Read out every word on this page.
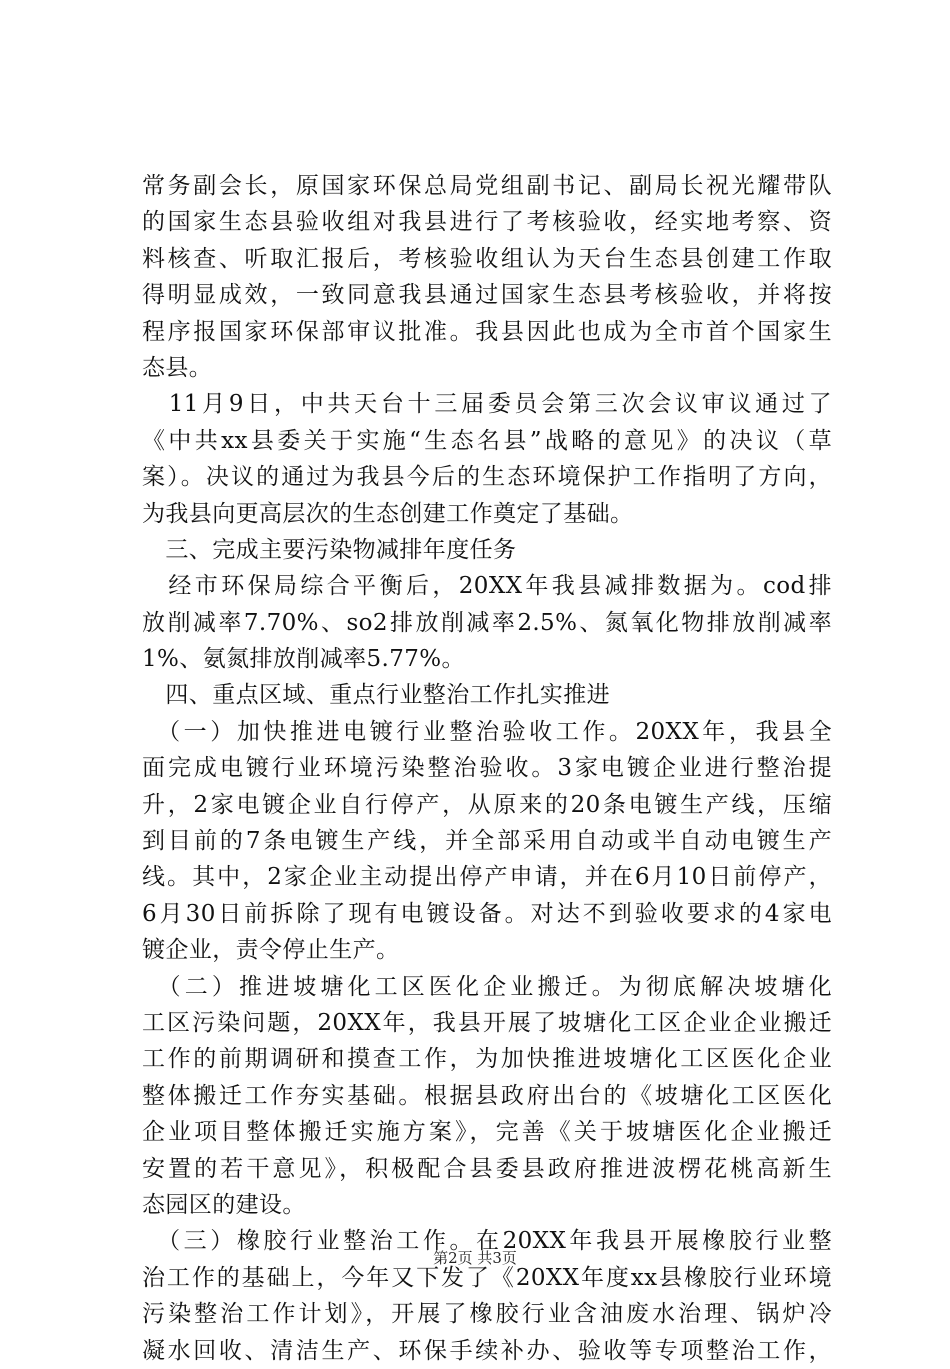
常务副会长，原国家环保总局党组副书记、副局长祝光耀带队
的国家生态县验收组对我县进行了考核验收，经实地考察、资
料核查、听取汇报后，考核验收组认为天台生态县创建工作取
得明显成效，一致同意我县通过国家生态县考核验收，并将按
程序报国家环保部审议批准。我县因此也成为全市首个国家生
态县。
　11月9日，中共天台十三届委员会第三次会议审议通过了
《中共xx县委关于实施“生态名县”战略的意见》的决议（草
案）。决议的通过为我县今后的生态环境保护工作指明了方向，
为我县向更高层次的生态创建工作奠定了基础。
　三、完成主要污染物减排年度任务
　经市环保局综合平衡后，20XX年我县减排数据为。cod排
放削减率7.70%、so2排放削减率2.5%、氮氧化物排放削减率
1%、氨氮排放削减率5.77%。
　四、重点区域、重点行业整治工作扎实推进
　（一）加快推进电镀行业整治验收工作。20XX年，我县全
面完成电镀行业环境污染整治验收。3家电镀企业进行整治提
升，2家电镀企业自行停产，从原来的20条电镀生产线，压缩
到目前的7条电镀生产线，并全部采用自动或半自动电镀生产
线。其中，2家企业主动提出停产申请，并在6月10日前停产，
6月30日前拆除了现有电镀设备。对达不到验收要求的4家电
镀企业，责令停止生产。
　（二）推进坡塘化工区医化企业搬迁。为彻底解决坡塘化
工区污染问题，20XX年，我县开展了坡塘化工区企业企业搬迁
工作的前期调研和摸查工作，为加快推进坡塘化工区医化企业
整体搬迁工作夯实基础。根据县政府出台的《坡塘化工区医化
企业项目整体搬迁实施方案》，完善《关于坡塘医化企业搬迁
安置的若干意见》，积极配合县委县政府推进波楞花桃高新生
态园区的建设。
　（三）橡胶行业整治工作。在20XX年我县开展橡胶行业整
治工作的基础上，今年又下发了《20XX年度xx县橡胶行业环境
污染整治工作计划》，开展了橡胶行业含油废水治理、锅炉冷
凝水回收、清洁生产、环保手续补办、验收等专项整治工作，
第2页 共3页
